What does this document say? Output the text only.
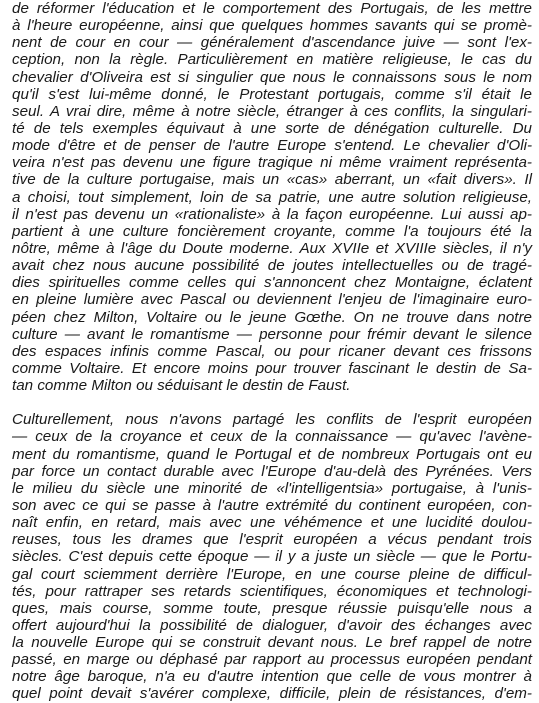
de réformer l'éducation et le comportement des Portugais, de les mettre
à l'heure européenne, ainsi que quelques hommes savants qui se promè-
nent de cour en cour — généralement d'ascendance juive — sont l'ex-
ception, non la règle. Particulièrement en matière religieuse, le cas du
chevalier d'Oliveira est si singulier que nous le connaissons sous le nom
qu'il s'est lui-même donné, le Protestant portugais, comme s'il était le
seul. A vrai dire, même à notre siècle, étranger à ces conflits, la singulari-
té de tels exemples équivaut à une sorte de dénégation culturelle. Du
mode d'être et de penser de l'autre Europe s'entend. Le chevalier d'Oli-
veira n'est pas devenu une figure tragique ni même vraiment représenta-
tive de la culture portugaise, mais un «cas» aberrant, un «fait divers». Il
a choisi, tout simplement, loin de sa patrie, une autre solution religieuse,
il n'est pas devenu un «rationaliste» à la façon européenne. Lui aussi ap-
partient à une culture foncièrement croyante, comme l'a toujours été la
nôtre, même à l'âge du Doute moderne. Aux XVIIe et XVIIIe siècles, il n'y
avait chez nous aucune possibilité de joutes intellectuelles ou de tragé-
dies spirituelles comme celles qui s'annoncent chez Montaigne, éclatent
en pleine lumière avec Pascal ou deviennent l'enjeu de l'imaginaire euro-
péen chez Milton, Voltaire ou le jeune Gœthe. On ne trouve dans notre
culture — avant le romantisme — personne pour frémir devant le silence
des espaces infinis comme Pascal, ou pour ricaner devant ces frissons
comme Voltaire. Et encore moins pour trouver fascinant le destin de Sa-
tan comme Milton ou séduisant le destin de Faust.
Culturellement, nous n'avons partagé les conflits de l'esprit européen
— ceux de la croyance et ceux de la connaissance — qu'avec l'avène-
ment du romantisme, quand le Portugal et de nombreux Portugais ont eu
par force un contact durable avec l'Europe d'au-delà des Pyrénées. Vers
le milieu du siècle une minorité de «l'intelligentsia» portugaise, à l'unis-
son avec ce qui se passe à l'autre extrémité du continent européen, con-
naît enfin, en retard, mais avec une véhémence et une lucidité doulou-
reuses, tous les drames que l'esprit européen a vécus pendant trois
siècles. C'est depuis cette époque — il y a juste un siècle — que le Portu-
gal court sciemment derrière l'Europe, en une course pleine de difficul-
tés, pour rattraper ses retards scientifiques, économiques et technologi-
ques, mais course, somme toute, presque réussie puisqu'elle nous a
offert aujourd'hui la possibilité de dialoguer, d'avoir des échanges avec
la nouvelle Europe qui se construit devant nous. Le bref rappel de notre
passé, en marge ou déphasé par rapport au processus européen pendant
notre âge baroque, n'a eu d'autre intention que celle de vous montrer à
quel point devait s'avérer complexe, difficile, plein de résistances, d'em-
